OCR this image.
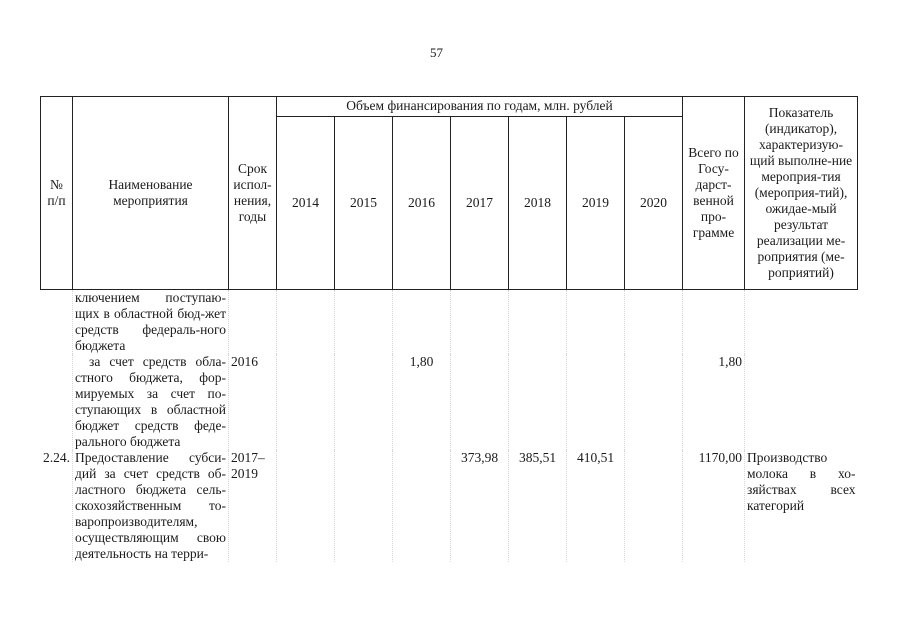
57
№ п/п	Наименование мероприятия	Срок испол-нения, годы	Объем финансирования по годам, млн. рублей							Всего по Госу-дарст-венной про-грамме	Показатель (индикатор), характеризую-щий выполне-ние мероприя-тия (мероприя-тий), ожидае-мый результат реализации ме-роприятия (ме-роприятий)
			2014	2015	2016	2017	2018	2019	2020		
	ключением поступаю-щих в областной бюд-жет средств федераль-ного бюджета										
	за счет средств обла-стного бюджета, фор-мируемых за счет по-ступающих в областной бюджет средств феде-рального бюджета	2016			1,80					1,80	
2.24.	Предоставление субси-дий за счет средств об-ластного бюджета сель-скохозяйственным то-варопроизводителям, осуществляющим свою деятельность на терри-	2017–2019				373,98	385,51	410,51		1170,00	Производство молока в хо-зяйствах всех категорий
